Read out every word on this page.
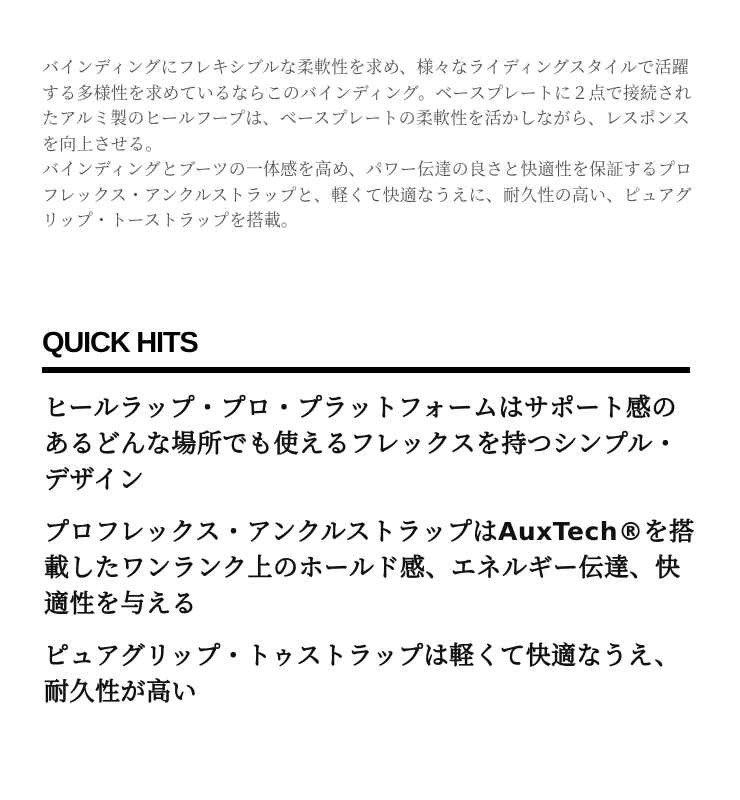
バインディングにフレキシブルな柔軟性を求め、様々なライディングスタイルで活躍する多様性を求めているならこのバインディング。ベースプレートに２点で接続されたアルミ製のヒールフープは、ベースプレートの柔軟性を活かしながら、レスポンスを向上させる。

バインディングとブーツの一体感を高め、パワー伝達の良さと快適性を保証するプロフレックス・アンクルストラップと、軽くて快適なうえに、耐久性の高い、ピュアグリップ・トーストラップを搭載。

QUICK HITS
ヒールラップ・プロ・プラットフォームはサポート感のあるどんな場所でも使えるフレックスを持つシンプル・デザイン
プロフレックス・アンクルストラップはAuxTech®を搭載したワンランク上のホールド感、エネルギー伝達、快適性を与える
ピュアグリップ・トゥストラップは軽くて快適なうえ、耐久性が高い
